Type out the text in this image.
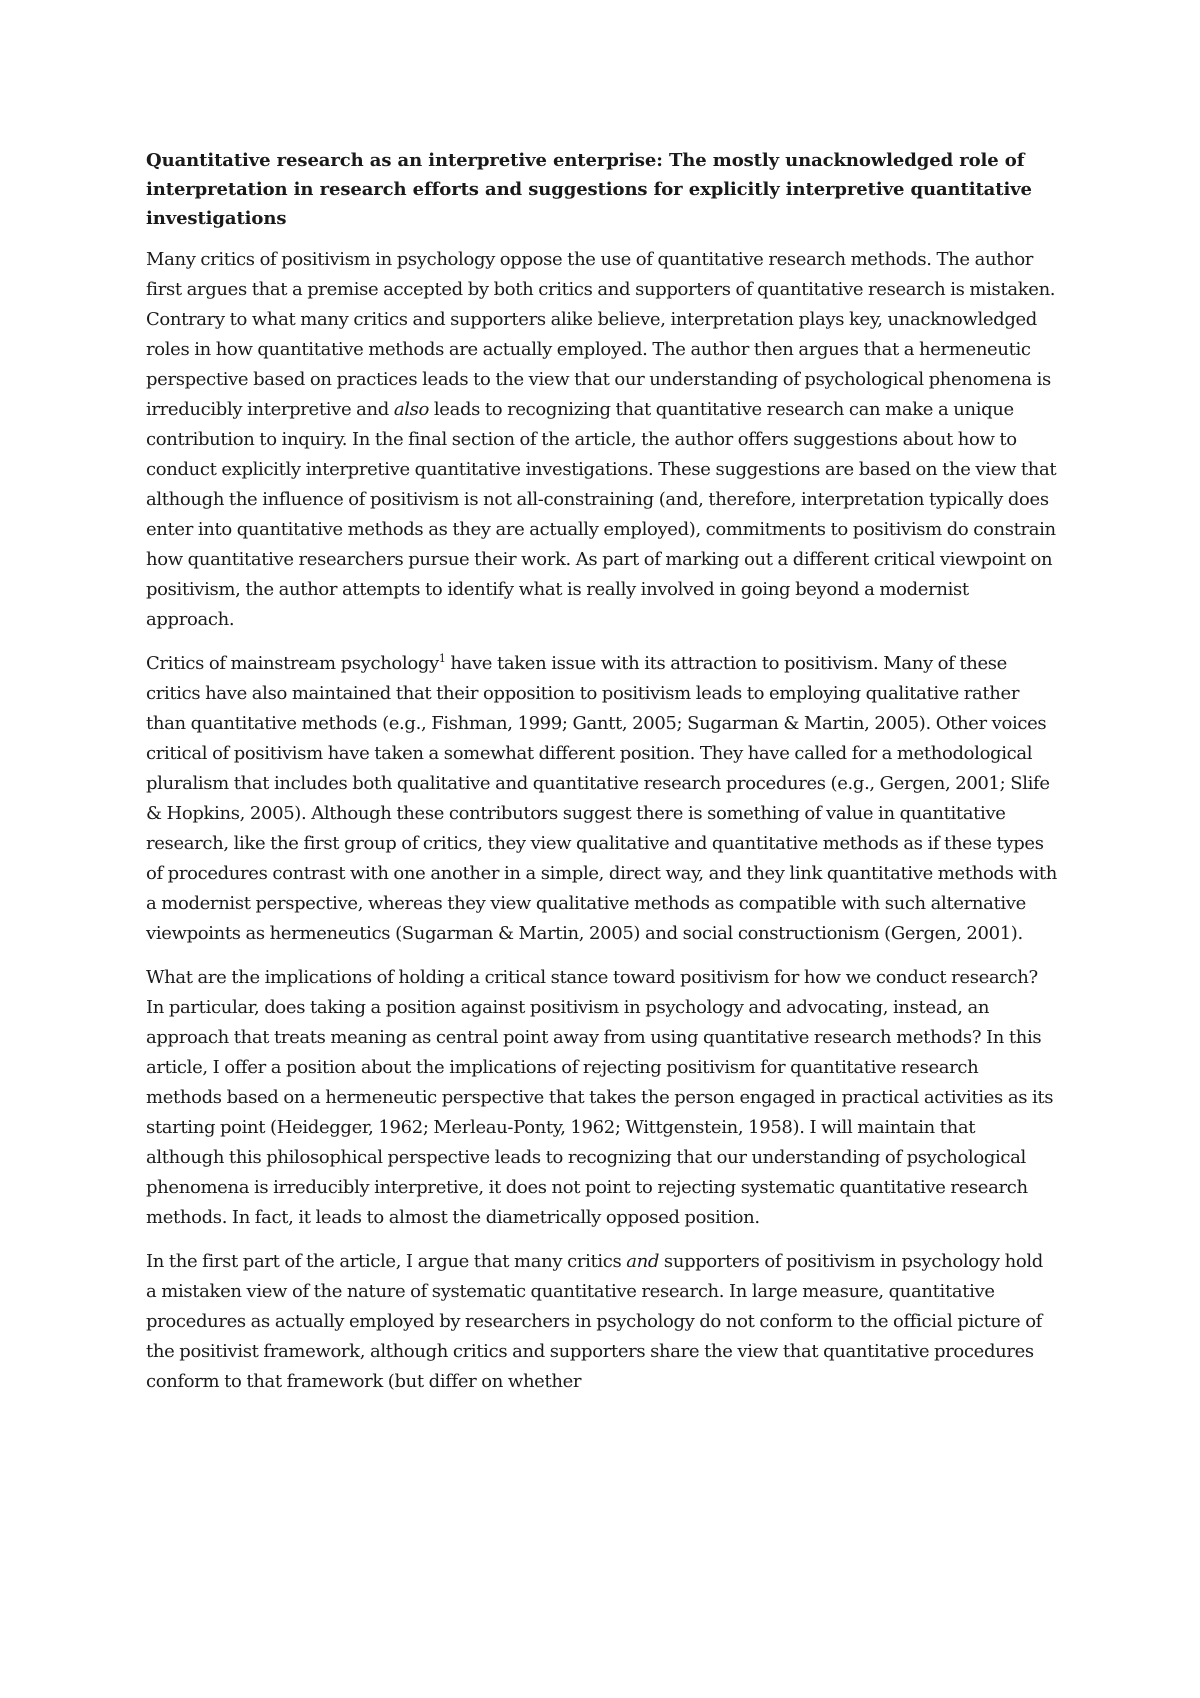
Quantitative research as an interpretive enterprise: The mostly unacknowledged role of interpretation in research efforts and suggestions for explicitly interpretive quantitative investigations

Many critics of positivism in psychology oppose the use of quantitative research methods. The author first argues that a premise accepted by both critics and supporters of quantitative research is mistaken. Contrary to what many critics and supporters alike believe, interpretation plays key, unacknowledged roles in how quantitative methods are actually employed. The author then argues that a hermeneutic perspective based on practices leads to the view that our understanding of psychological phenomena is irreducibly interpretive and also leads to recognizing that quantitative research can make a unique contribution to inquiry. In the final section of the article, the author offers suggestions about how to conduct explicitly interpretive quantitative investigations. These suggestions are based on the view that although the influence of positivism is not all-constraining (and, therefore, interpretation typically does enter into quantitative methods as they are actually employed), commitments to positivism do constrain how quantitative researchers pursue their work. As part of marking out a different critical viewpoint on positivism, the author attempts to identify what is really involved in going beyond a modernist approach.

Critics of mainstream psychology$^1$ have taken issue with its attraction to positivism. Many of these critics have also maintained that their opposition to positivism leads to employing qualitative rather than quantitative methods (e.g., Fishman, 1999; Gantt, 2005; Sugarman & Martin, 2005). Other voices critical of positivism have taken a somewhat different position. They have called for a methodological pluralism that includes both qualitative and quantitative research procedures (e.g., Gergen, 2001; Slife & Hopkins, 2005). Although these contributors suggest there is something of value in quantitative research, like the first group of critics, they view qualitative and quantitative methods as if these types of procedures contrast with one another in a simple, direct way, and they link quantitative methods with a modernist perspective, whereas they view qualitative methods as compatible with such alternative viewpoints as hermeneutics (Sugarman & Martin, 2005) and social constructionism (Gergen, 2001).

What are the implications of holding a critical stance toward positivism for how we conduct research? In particular, does taking a position against positivism in psychology and advocating, instead, an approach that treats meaning as central point away from using quantitative research methods? In this article, I offer a position about the implications of rejecting positivism for quantitative research methods based on a hermeneutic perspective that takes the person engaged in practical activities as its starting point (Heidegger, 1962; Merleau-Ponty, 1962; Wittgenstein, 1958). I will maintain that although this philosophical perspective leads to recognizing that our understanding of psychological phenomena is irreducibly interpretive, it does not point to rejecting systematic quantitative research methods. In fact, it leads to almost the diametrically opposed position.

In the first part of the article, I argue that many critics and supporters of positivism in psychology hold a mistaken view of the nature of systematic quantitative research. In large measure, quantitative procedures as actually employed by researchers in psychology do not conform to the official picture of the positivist framework, although critics and supporters share the view that quantitative procedures conform to that framework (but differ on whether
